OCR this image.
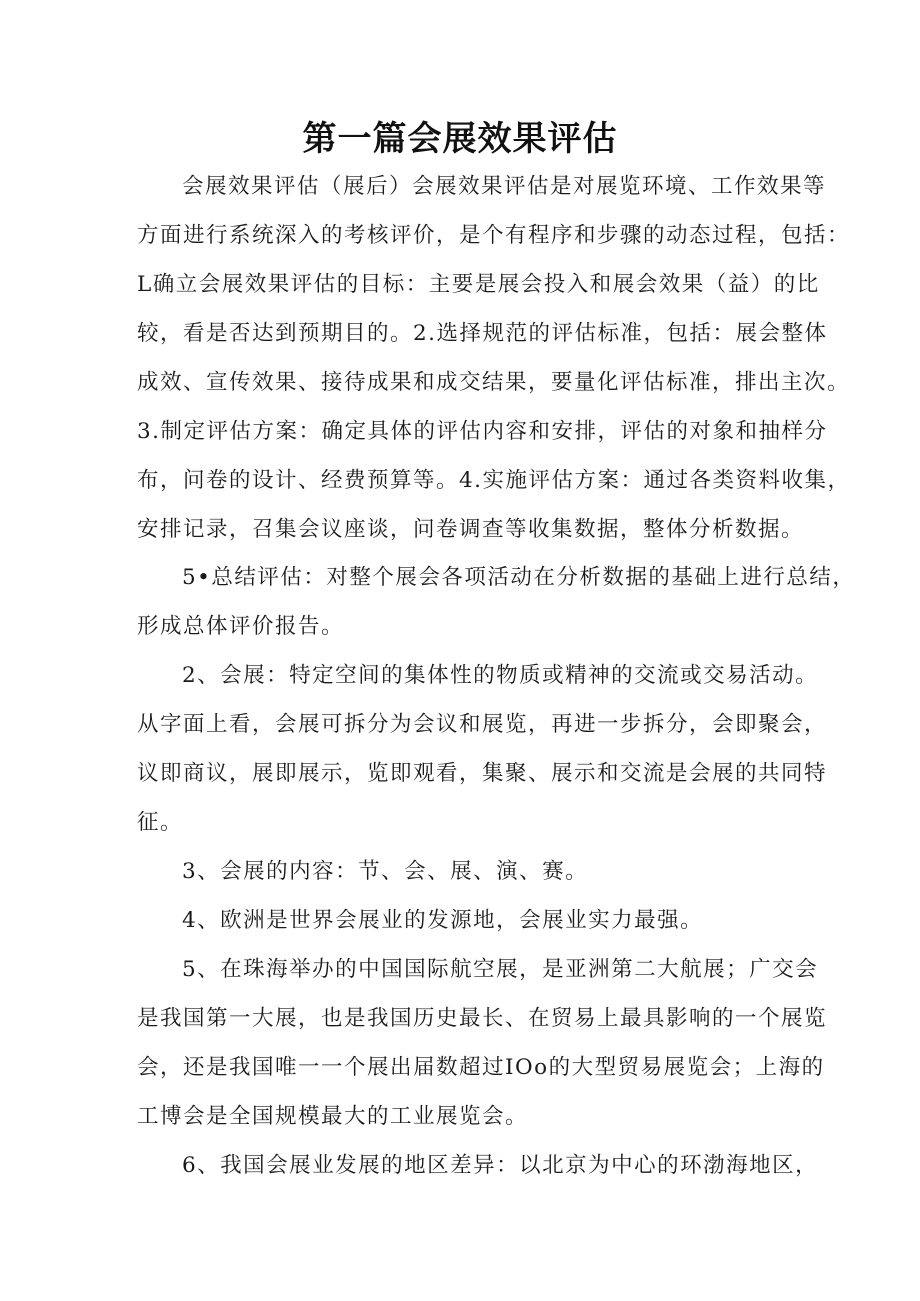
第一篇会展效果评估
会展效果评估（展后）会展效果评估是对展览环境、工作效果等
方面进行系统深入的考核评价，是个有程序和步骤的动态过程，包括：
L确立会展效果评估的目标：主要是展会投入和展会效果（益）的比
较，看是否达到预期目的。2.选择规范的评估标准，包括：展会整体
成效、宣传效果、接待成果和成交结果，要量化评估标准，排出主次。
3.制定评估方案：确定具体的评估内容和安排，评估的对象和抽样分
布，问卷的设计、经费预算等。4.实施评估方案：通过各类资料收集，
安排记录，召集会议座谈，问卷调查等收集数据，整体分析数据。
5•总结评估：对整个展会各项活动在分析数据的基础上进行总结，
形成总体评价报告。
2、会展：特定空间的集体性的物质或精神的交流或交易活动。
从字面上看，会展可拆分为会议和展览，再进一步拆分，会即聚会，
议即商议，展即展示，览即观看，集聚、展示和交流是会展的共同特
征。
3、会展的内容：节、会、展、演、赛。
4、欧洲是世界会展业的发源地，会展业实力最强。
5、在珠海举办的中国国际航空展，是亚洲第二大航展；广交会
是我国第一大展，也是我国历史最长、在贸易上最具影响的一个展览
会，还是我国唯一一个展出届数超过IOo的大型贸易展览会；上海的
工博会是全国规模最大的工业展览会。
6、我国会展业发展的地区差异：以北京为中心的环渤海地区，
